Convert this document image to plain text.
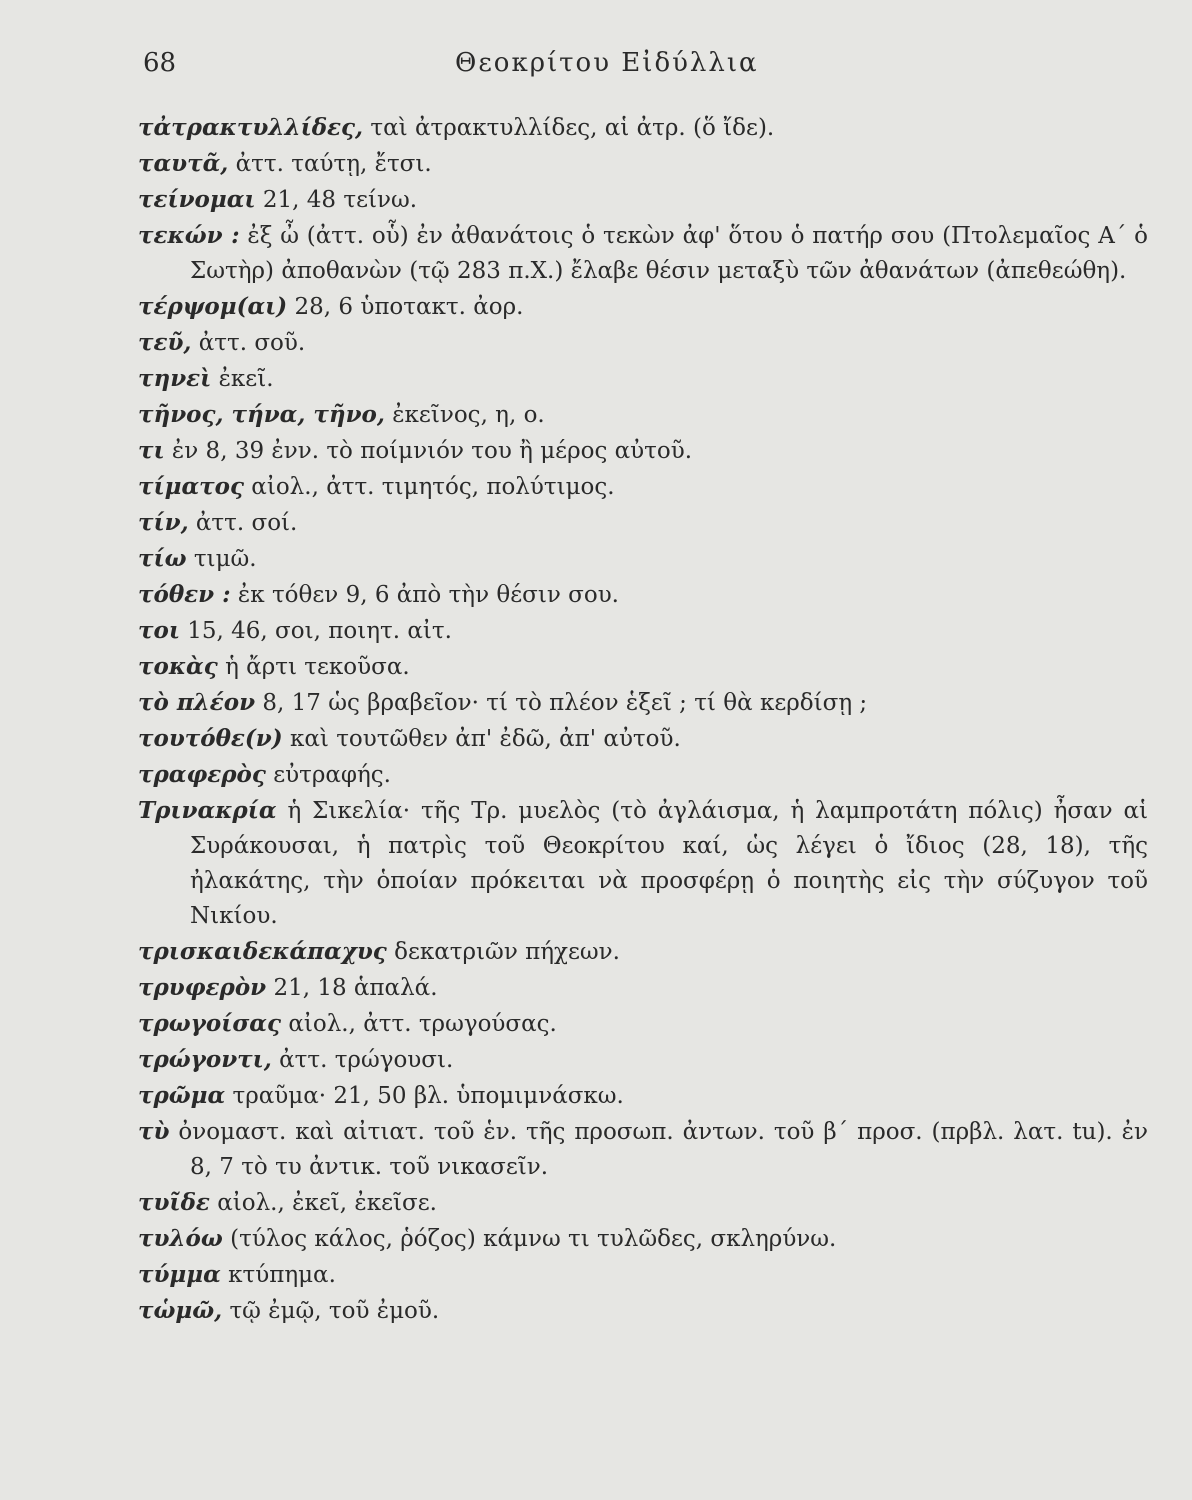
68	Θεοκρίτου Εἰδύλλια

τἀτρακτυλλίδες, ταὶ ἀτρακτυλλίδες, αἱ ἀτρ. (ὅ ἴδε).

ταυτᾶ, ἀττ. ταύτῃ, ἔτσι.

τείνομαι 21, 48 τείνω.

τεκών : ἐξ ὦ (ἀττ. οὗ) ἐν ἀθανάτοις ὁ τεκὼν ἀφ' ὅτου ὁ πατήρ σου (Πτολεμαῖος Α΄ ὁ Σωτὴρ) ἀποθανὼν (τῷ 283 π.Χ.) ἔλαβε θέσιν μεταξὺ τῶν ἀθανάτων (ἀπεθεώθη).

τέρψομ(αι) 28, 6 ὑποτακτ. ἀορ.

τεῦ, ἀττ. σοῦ.

τηνεὶ ἐκεῖ.

τῆνος, τήνα, τῆνο, ἐκεῖνος, η, ο.

τι ἐν 8, 39 ἐνν. τὸ ποίμνιόν του ἢ μέρος αὐτοῦ.

τίματος αἰολ., ἀττ. τιμητός, πολύτιμος.

τίν, ἀττ. σοί.

τίω τιμῶ.

τόθεν : ἐκ τόθεν 9, 6 ἀπὸ τὴν θέσιν σου.

τοι 15, 46, σοι, ποιητ. αἰτ.

τοκὰς ἡ ἄρτι τεκοῦσα.

τὸ πλέον 8, 17 ὡς βραβεῖον· τί τὸ πλέον ἑξεῖ ; τί θὰ κερδίσῃ ;

τουτόθε(ν) καὶ τουτῶθεν ἀπ' ἐδῶ, ἀπ' αὐτοῦ.

τραφερὸς εὐτραφής.

Τρινακρία ἡ Σικελία· τῆς Τρ. μυελὸς (τὸ ἀγλάισμα, ἡ λαμπροτάτη πόλις) ἦσαν αἱ Συράκουσαι, ἡ πατρὶς τοῦ Θεοκρίτου καί, ὡς λέγει ὁ ἴδιος (28, 18), τῆς ἠλακάτης, τὴν ὁποίαν πρόκειται νὰ προσφέρῃ ὁ ποιητὴς εἰς τὴν σύζυγον τοῦ Νικίου.

τρισκαιδεκάπαχυς δεκατριῶν πήχεων.

τρυφερὸν 21, 18 ἁπαλά.

τρωγοίσας αἰολ., ἀττ. τρωγούσας.

τρώγοντι, ἀττ. τρώγουσι.

τρῶμα τραῦμα· 21, 50 βλ. ὑπομιμνάσκω.

τὺ ὀνομαστ. καὶ αἰτιατ. τοῦ ἑν. τῆς προσωπ. ἀντων. τοῦ β΄ προσ. (πρβλ. λατ. tu). ἐν 8, 7 τὸ τυ ἀντικ. τοῦ νικασεῖν.

τυῖδε αἰολ., ἐκεῖ, ἐκεῖσε.

τυλόω (τύλος κάλος, ῥόζος) κάμνω τι τυλῶδες, σκληρύνω.

τύμμα κτύπημα.

τὡμῶ, τῷ ἐμῷ, τοῦ ἐμοῦ.
